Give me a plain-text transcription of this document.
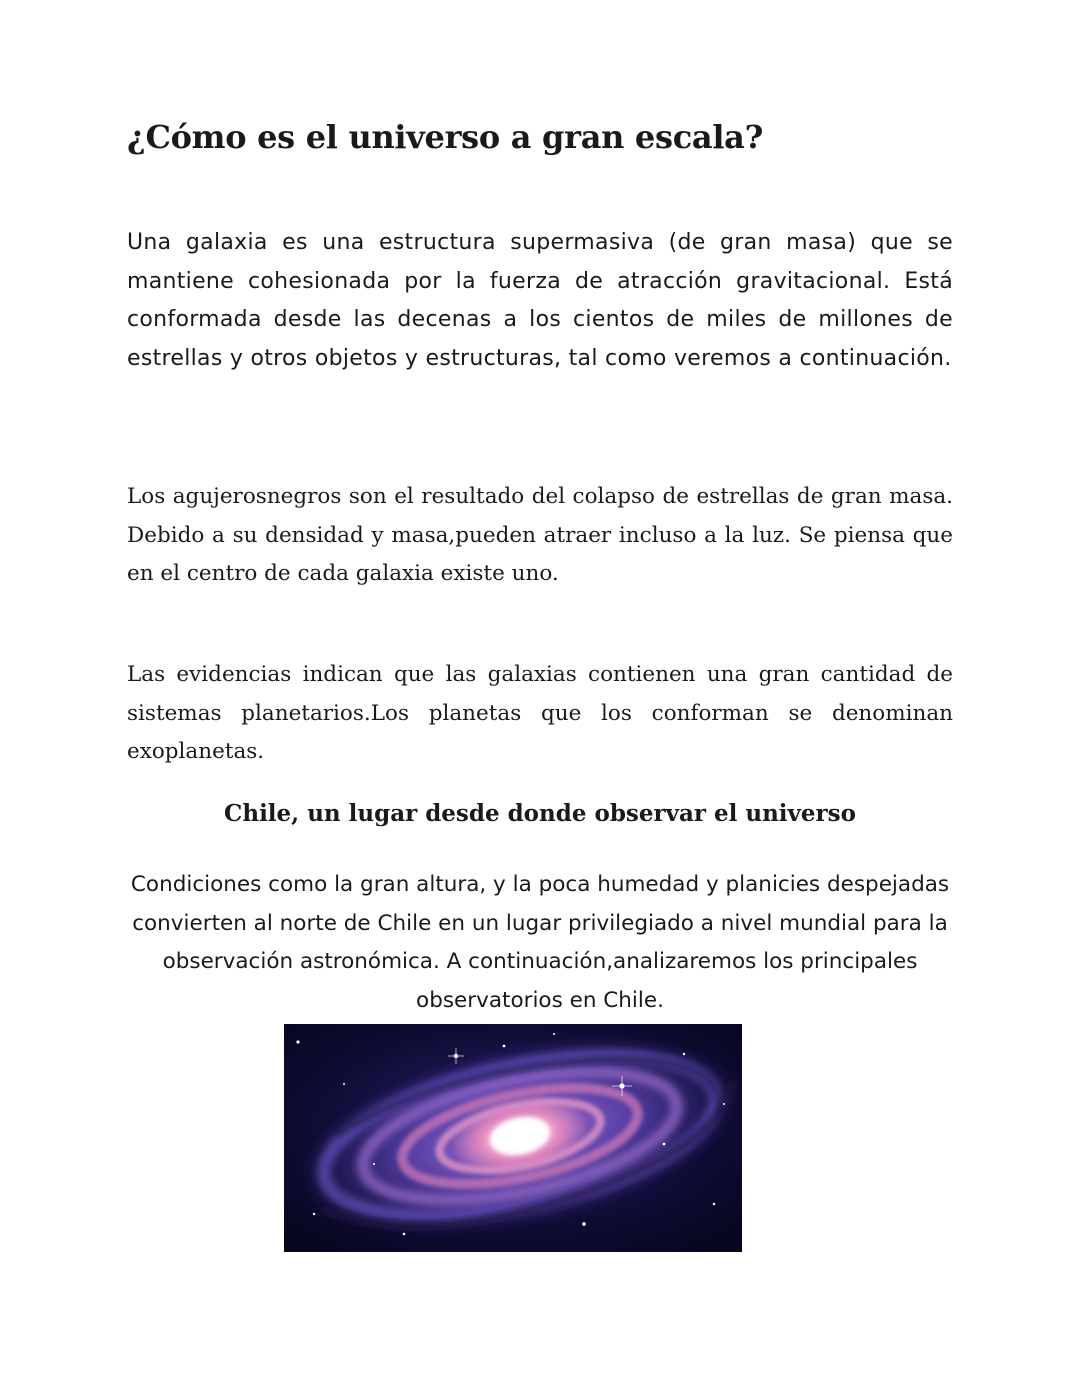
¿Cómo es el universo a gran escala?

Una galaxia es una estructura supermasiva (de gran masa) que se mantiene cohesionada por la fuerza de atracción gravitacional. Está conformada desde las decenas a los cientos de miles de millones de estrellas y otros objetos y estructuras, tal como veremos a continuación.

Los agujerosnegros son el resultado del colapso de estrellas de gran masa. Debido a su densidad y masa,pueden atraer incluso a la luz. Se piensa que en el centro de cada galaxia existe uno.

Las evidencias indican que las galaxias contienen una gran cantidad de sistemas planetarios.Los planetas que los conforman se denominan exoplanetas.

Chile, un lugar desde donde observar el universo

Condiciones como la gran altura, y la poca humedad y planicies despejadas convierten al norte de Chile en un lugar privilegiado a nivel mundial para la observación astronómica. A continuación,analizaremos los principales observatorios en Chile.
